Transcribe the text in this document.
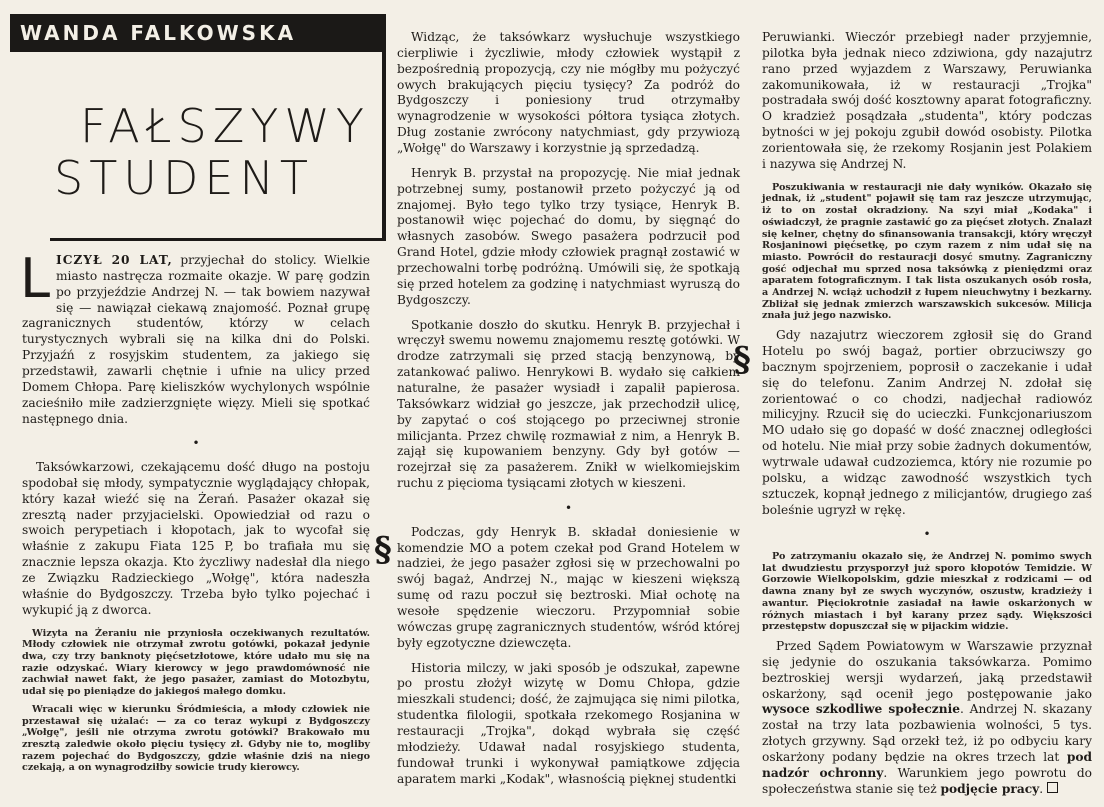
WANDA FALKOWSKA
FAŁSZYWY
STUDENT
§
§

LICZYŁ 20 LAT, przyjechał do stolicy. Wielkie miasto nastręcza rozmaite okazje. W parę godzin po przyjeździe Andrzej N. — tak bowiem nazywał się — nawiązał ciekawą znajomość. Poznał grupę zagranicznych studentów, którzy w celach turystycznych wybrali się na kilka dni do Polski. Przyjaźń z rosyjskim studentem, za jakiego się przedstawił, zawarli chętnie i ufnie na ulicy przed Domem Chłopa. Parę kieliszków wychylonych wspólnie zacieśniło miłe zadzierzgnięte więzy. Mieli się spotkać następnego dnia.

•

Taksówkarzowi, czekającemu dość długo na postoju spodobał się młody, sympatycznie wyglądający chłopak, który kazał wieźć się na Żerań. Pasażer okazał się zresztą nader przyjacielski. Opowiedział od razu o swoich perypetiach i kłopotach, jak to wycofał się właśnie z zakupu Fiata 125 P, bo trafiała mu się znacznie lepsza okazja. Kto życzliwy nadesłał dla niego ze Związku Radzieckiego „Wołgę", która nadeszła właśnie do Bydgoszczy. Trzeba było tylko pojechać i wykupić ją z dworca.

Wizyta na Żeraniu nie przyniosła oczekiwanych rezultatów. Młody człowiek nie otrzymał zwrotu gotówki, pokazał jedynie dwa, czy trzy banknoty pięćsetzłotowe, które udało mu się na razie odzyskać. Wiary kierowcy w jego prawdomówność nie zachwiał nawet fakt, że jego pasażer, zamiast do Motozbytu, udał się po pieniądze do jakiegoś małego domku.

Wracali więc w kierunku Śródmieścia, a młody człowiek nie przestawał się użalać: — za co teraz wykupi z Bydgoszczy „Wołgę", jeśli nie otrzyma zwrotu gotówki? Brakowało mu zresztą zaledwie około pięciu tysięcy zł. Gdyby nie to, mogliby razem pojechać do Bydgoszczy, gdzie właśnie dziś na niego czekają, a on wynagrodziłby sowicie trudy kierowcy.

Widząc, że taksówkarz wysłuchuje wszystkiego cierpliwie i życzliwie, młody człowiek wystąpił z bezpośrednią propozycją, czy nie mógłby mu pożyczyć owych brakujących pięciu tysięcy? Za podróż do Bydgoszczy i poniesiony trud otrzymałby wynagrodzenie w wysokości półtora tysiąca złotych. Dług zostanie zwrócony natychmiast, gdy przywiozą „Wołgę" do Warszawy i korzystnie ją sprzedadzą.

Henryk B. przystał na propozycję. Nie miał jednak potrzebnej sumy, postanowił przeto pożyczyć ją od znajomej. Było tego tylko trzy tysiące, Henryk B. postanowił więc pojechać do domu, by sięgnąć do własnych zasobów. Swego pasażera podrzucił pod Grand Hotel, gdzie młody człowiek pragnął zostawić w przechowalni torbę podróżną. Umówili się, że spotkają się przed hotelem za godzinę i natychmiast wyruszą do Bydgoszczy.

Spotkanie doszło do skutku. Henryk B. przyjechał i wręczył swemu nowemu znajomemu resztę gotówki. W drodze zatrzymali się przed stacją benzynową, by zatankować paliwo. Henrykowi B. wydało się całkiem naturalne, że pasażer wysiadł i zapalił papierosa. Taksówkarz widział go jeszcze, jak przechodził ulicę, by zapytać o coś stojącego po przeciwnej stronie milicjanta. Przez chwilę rozmawiał z nim, a Henryk B. zajął się kupowaniem benzyny. Gdy był gotów — rozejrzał się za pasażerem. Znikł w wielkomiejskim ruchu z pięcioma tysiącami złotych w kieszeni.

•

Podczas, gdy Henryk B. składał doniesienie w komendzie MO a potem czekał pod Grand Hotelem w nadziei, że jego pasażer zgłosi się w przechowalni po swój bagaż, Andrzej N., mając w kieszeni większą sumę od razu poczuł się beztroski. Miał ochotę na wesołe spędzenie wieczoru. Przypomniał sobie wówczas grupę zagranicznych studentów, wśród której były egzotyczne dziewczęta.

Historia milczy, w jaki sposób je odszukał, zapewne po prostu złożył wizytę w Domu Chłopa, gdzie mieszkali studenci; dość, że zajmująca się nimi pilotka, studentka filologii, spotkała rzekomego Rosjanina w restauracji „Trojka", dokąd wybrała się część młodzieży. Udawał nadal rosyjskiego studenta, fundował trunki i wykonywał pamiątkowe zdjęcia aparatem marki „Kodak", własnością pięknej studentki

Peruwianki. Wieczór przebiegł nader przyjemnie, pilotka była jednak nieco zdziwiona, gdy nazajutrz rano przed wyjazdem z Warszawy, Peruwianka zakomunikowała, iż w restauracji „Trojka" postradała swój dość kosztowny aparat fotograficzny. O kradzież posądzała „studenta", który podczas bytności w jej pokoju zgubił dowód osobisty. Pilotka zorientowała się, że rzekomy Rosjanin jest Polakiem i nazywa się Andrzej N.

Poszukiwania w restauracji nie dały wyników. Okazało się jednak, iż „student" pojawił się tam raz jeszcze utrzymując, iż to on został okradziony. Na szyi miał „Kodaka" i oświadczył, że pragnie zastawić go za pięćset złotych. Znalazł się kelner, chętny do sfinansowania transakcji, który wręczył Rosjaninowi pięćsetkę, po czym razem z nim udał się na miasto. Powrócił do restauracji dosyć smutny. Zagraniczny gość odjechał mu sprzed nosa taksówką z pieniędzmi oraz aparatem fotograficznym. I tak lista oszukanych osób rosła, a Andrzej N. wciąż uchodził z łupem nieuchwytny i bezkarny. Zbliżał się jednak zmierzch warszawskich sukcesów. Milicja znała już jego nazwisko.

Gdy nazajutrz wieczorem zgłosił się do Grand Hotelu po swój bagaż, portier obrzuciwszy go bacznym spojrzeniem, poprosił o zaczekanie i udał się do telefonu. Zanim Andrzej N. zdołał się zorientować o co chodzi, nadjechał radiowóz milicyjny. Rzucił się do ucieczki. Funkcjonariuszom MO udało się go dopaść w dość znacznej odległości od hotelu. Nie miał przy sobie żadnych dokumentów, wytrwale udawał cudzoziemca, który nie rozumie po polsku, a widząc zawodność wszystkich tych sztuczek, kopnął jednego z milicjantów, drugiego zaś boleśnie ugryzł w rękę.

•

Po zatrzymaniu okazało się, że Andrzej N. pomimo swych lat dwudziestu przysporzył już sporo kłopotów Temidzie. W Gorzowie Wielkopolskim, gdzie mieszkał z rodzicami — od dawna znany był ze swych wyczynów, oszustw, kradzieży i awantur. Pięciokrotnie zasiadał na ławie oskarżonych w różnych miastach i był karany przez sądy. Większości przestępstw dopuszczał się w pijackim widzie.

Przed Sądem Powiatowym w Warszawie przyznał się jedynie do oszukania taksówkarza. Pomimo beztroskiej wersji wydarzeń, jaką przedstawił oskarżony, sąd ocenił jego postępowanie jako wysoce szkodliwe społecznie. Andrzej N. skazany został na trzy lata pozbawienia wolności, 5 tys. złotych grzywny. Sąd orzekł też, iż po odbyciu kary oskarżony podany będzie na okres trzech lat pod nadzór ochronny. Warunkiem jego powrotu do społeczeństwa stanie się też podjęcie pracy.
